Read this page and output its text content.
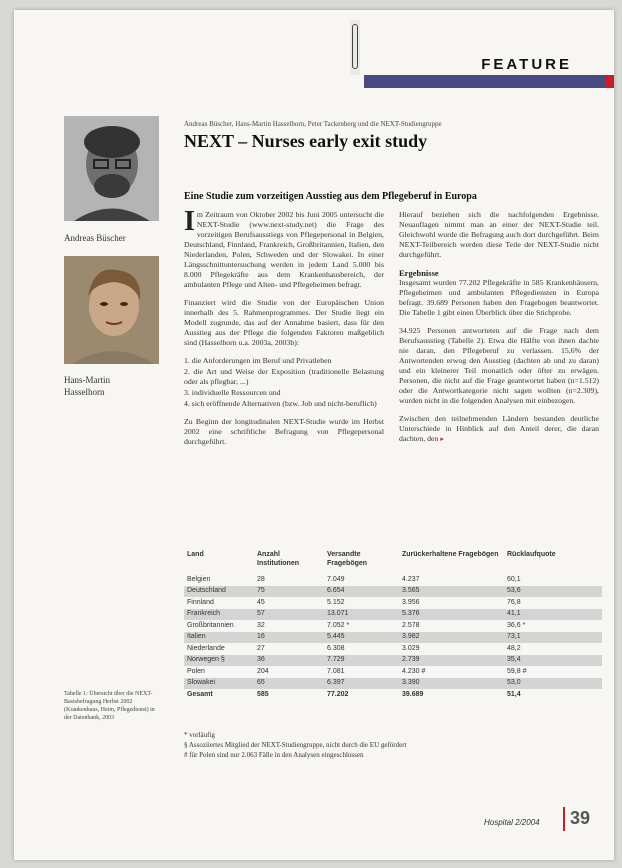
FEATURE
Andreas Büscher
Hans-Martin
Hasselhorn
Andreas Büscher, Hans-Martin Hasselhorn, Peter Tackenberg und die NEXT-Studiengruppe
NEXT – Nurses early exit study
Eine Studie zum vorzeitigen Ausstieg aus dem Pflegeberuf in Europa

Im Zeitraum von Oktober 2002 bis Juni 2005 untersucht die NEXT-Studie (www.next-study.net) die Frage des vorzeitigen Berufsausstiegs von Pflegepersonal in Belgien, Deutschland, Finnland, Frankreich, Großbritannien, Italien, den Niederlanden, Polen, Schweden und der Slowakei. In einer Längsschnittuntersuchung werden in jedem Land 5.000 bis 8.000 Pflegekräfte aus dem Krankenhausbereich, der ambulanten Pflege und Alten- und Pflegeheimen befragt.

Finanziert wird die Studie von der Europäischen Union innerhalb des 5. Rahmenprogrammes. Der Studie liegt ein Modell zugrunde, das auf der Annahme basiert, dass für den Ausstieg aus der Pflege die folgenden Faktoren maßgeblich sind (Hasselhorn u.a. 2003a, 2003b):

1. die Anforderungen im Beruf und Privatleben
2. die Art und Weise der Exposition (traditionelle Belastung oder als pflegbar, ...)
3. individuelle Ressourcen und
4. sich eröffnende Alternativen (bzw. Job und nicht-beruflich)

Zu Beginn der longitudinalen NEXT-Studie wurde im Herbst 2002 eine schriftliche Befragung von Pflegepersonal durchgeführt.

Hierauf beziehen sich die nachfolgenden Ergebnisse. Neuauflagen nimmt man an einer der NEXT-Studie teil. Gleichwohl wurde die Befragung auch dort durchgeführt. Beim NEXT-Teilbereich werden diese Teile der NEXT-Studie nicht durchgeführt.

Ergebnisse

Insgesamt wurden 77.202 Pflegekräfte in 585 Krankenhäusern, Pflegeheimen und ambulanten Pflegediensten in Europa befragt. 39.689 Personen haben den Fragebogen beantwortet. Die Tabelle 1 gibt einen Überblick über die Stichprobe.

34.925 Personen antworteten auf die Frage nach dem Berufsausstieg (Tabelle 2). Etwa die Hälfte von ihnen dachte nie daran, den Pflegeberuf zu verlassen. 15,6% der Antwortenden erwog den Ausstieg (dachten ab und zu daran) und ein kleinerer Teil monatlich oder öfter zu erwägen. Personen, die nicht auf die Frage geantwortet haben (n=1.512) oder die Antwortkategorie nicht sagen wollten (n=2.309), wurden nicht in die folgenden Analysen mit einbezogen.

Zwischen den teilnehmenden Ländern bestanden deutliche Unterschiede in Hinblick auf den Anteil derer, die daran dachten, den ▸

Land	Anzahl Institutionen	Versandte Fragebögen	Zurückerhaltene Fragebögen	Rücklaufquote
Belgien	28	7.049	4.237	60,1
Deutschland	75	6.654	3.565	53,6
Finnland	45	5.152	3.956	76,8
Frankreich	57	13.071	5.376	41,1
Großbritannien	32	7.052 *	2.578	36,6 *
Italien	16	5.445	3.982	73,1
Niederlande	27	6.308	3.029	48,2
Norwegen §	36	7.729	2.739	35,4
Polen	204	7.081	4.230 #	59,8 #
Slowakei	65	6.397	3.390	53,0
Gesamt	585	77.202	39.689	51,4
* vorläufig
§ Assoziiertes Mitglied der NEXT-Studiengruppe, nicht durch die EU gefördert
# für Polen sind nur 2.063 Fälle in den Analysen eingeschlossen
Tabelle 1: Übersicht über die NEXT-Basisbefragung Herbst 2002 (Krankenhaus, Heim, Pflegedienst) in der Datenbank, 2003
Hospital 2/2004 39
